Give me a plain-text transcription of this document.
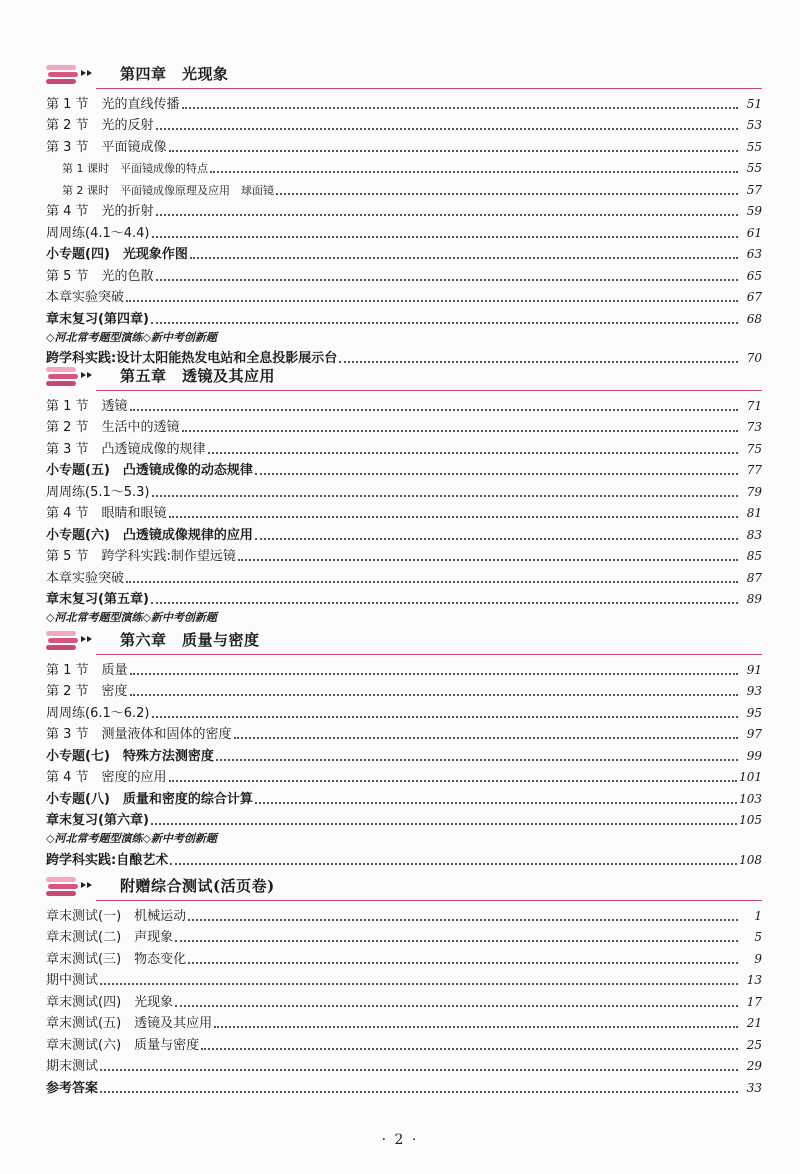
第四章　光现象
第 1 节　光的直线传播	51
第 2 节　光的反射	53
第 3 节　平面镜成像	55
第 1 课时　平面镜成像的特点	55
第 2 课时　平面镜成像原理及应用　球面镜	57
第 4 节　光的折射	59
周周练(4.1～4.4)	61
小专题(四)　光现象作图	63
第 5 节　光的色散	65
本章实验突破	67
章末复习(第四章)	68
◇河北常考题型演练◇新中考创新题
跨学科实践:设计太阳能热发电站和全息投影展示台	70
第五章　透镜及其应用
第 1 节　透镜	71
第 2 节　生活中的透镜	73
第 3 节　凸透镜成像的规律	75
小专题(五)　凸透镜成像的动态规律	77
周周练(5.1～5.3)	79
第 4 节　眼睛和眼镜	81
小专题(六)　凸透镜成像规律的应用	83
第 5 节　跨学科实践:制作望远镜	85
本章实验突破	87
章末复习(第五章)	89
◇河北常考题型演练◇新中考创新题
第六章　质量与密度
第 1 节　质量	91
第 2 节　密度	93
周周练(6.1～6.2)	95
第 3 节　测量液体和固体的密度	97
小专题(七)　特殊方法测密度	99
第 4 节　密度的应用	101
小专题(八)　质量和密度的综合计算	103
章末复习(第六章)	105
◇河北常考题型演练◇新中考创新题
跨学科实践:自酿艺术	108
附赠综合测试(活页卷)
章末测试(一)　机械运动	1
章末测试(二)　声现象	5
章末测试(三)　物态变化	9
期中测试	13
章末测试(四)　光现象	17
章末测试(五)　透镜及其应用	21
章末测试(六)　质量与密度	25
期末测试	29
参考答案	33
· 2 ·
